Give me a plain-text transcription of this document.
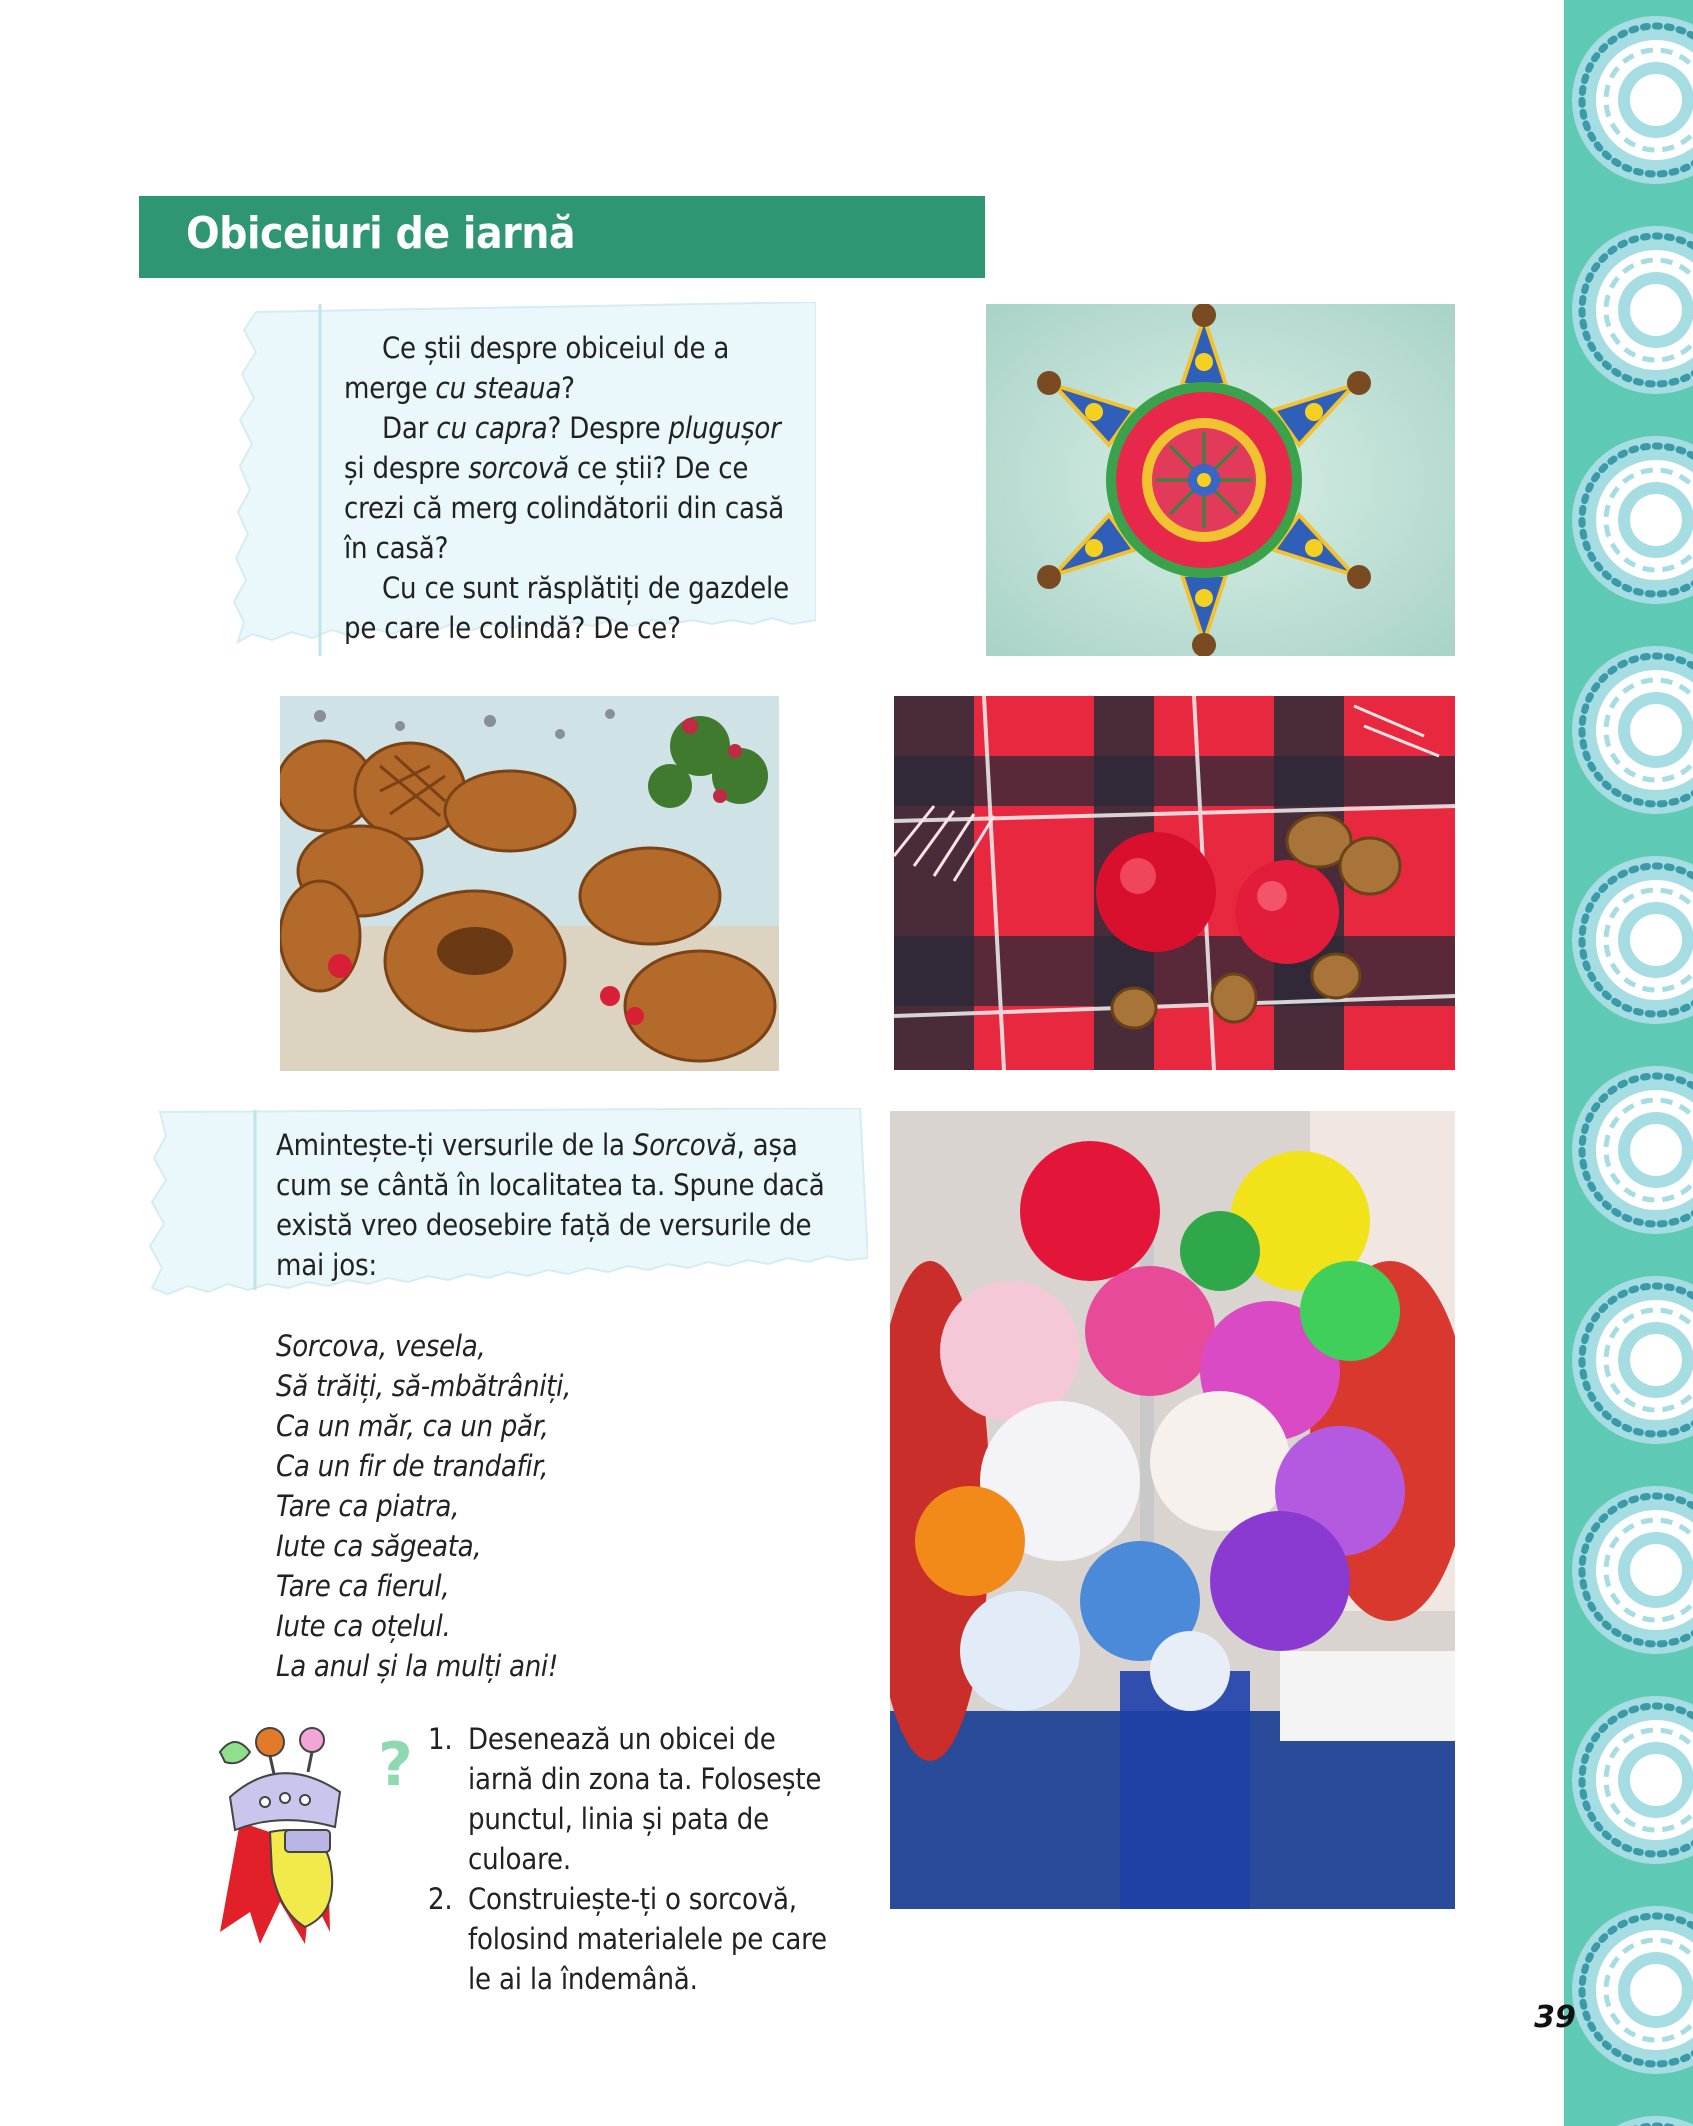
Obiceiuri de iarnă

Ce știi despre obiceiul de a merge cu steaua?

Dar cu capra? Despre plugușor și despre sorcovă ce știi? De ce crezi că merg colindătorii din casă în casă?

Cu ce sunt răsplătiți de gazdele pe care le colindă? De ce?

Amintește-ți versurile de la Sorcovă, așa cum se cântă în localitatea ta. Spune dacă există vreo deosebire față de versurile de mai jos:

Sorcova, vesela,
Să trăiți, să-mbătrâniți,
Ca un măr, ca un păr,
Ca un fir de trandafir,
Tare ca piatra,
Iute ca săgeata,
Tare ca fierul,
Iute ca oțelul.
La anul și la mulți ani!
? 1. Desenează un obicei de iarnă din zona ta. Folosește punctul, linia și pata de culoare.
2. Construiește-ți o sorcovă, folosind materialele pe care le ai la îndemână.
39
